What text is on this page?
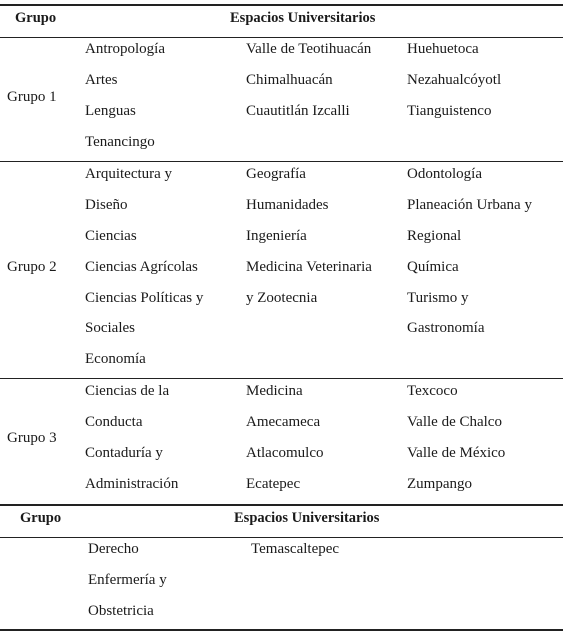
Grupo	Espacios Universitarios
Grupo 1
Antropología
Artes
Lenguas
Tenancingo
Valle de Teotihuacán
Chimalhuacán
Cuautitlán Izcalli
Huehuetoca
Nezahualcóyotl
Tianguistenco
Grupo 2
Arquitectura y
Diseño
Ciencias
Ciencias Agrícolas
Ciencias Políticas y
Sociales
Economía
Geografía
Humanidades
Ingeniería
Medicina Veterinaria
y Zootecnia
Odontología
Planeación Urbana y
Regional
Química
Turismo y
Gastronomía
Grupo 3
Ciencias de la
Conducta
Contaduría y
Administración
Medicina
Amecameca
Atlacomulco
Ecatepec
Texcoco
Valle de Chalco
Valle de México
Zumpango
Grupo	Espacios Universitarios
Derecho
Enfermería y
Obstetricia
Temascaltepec
